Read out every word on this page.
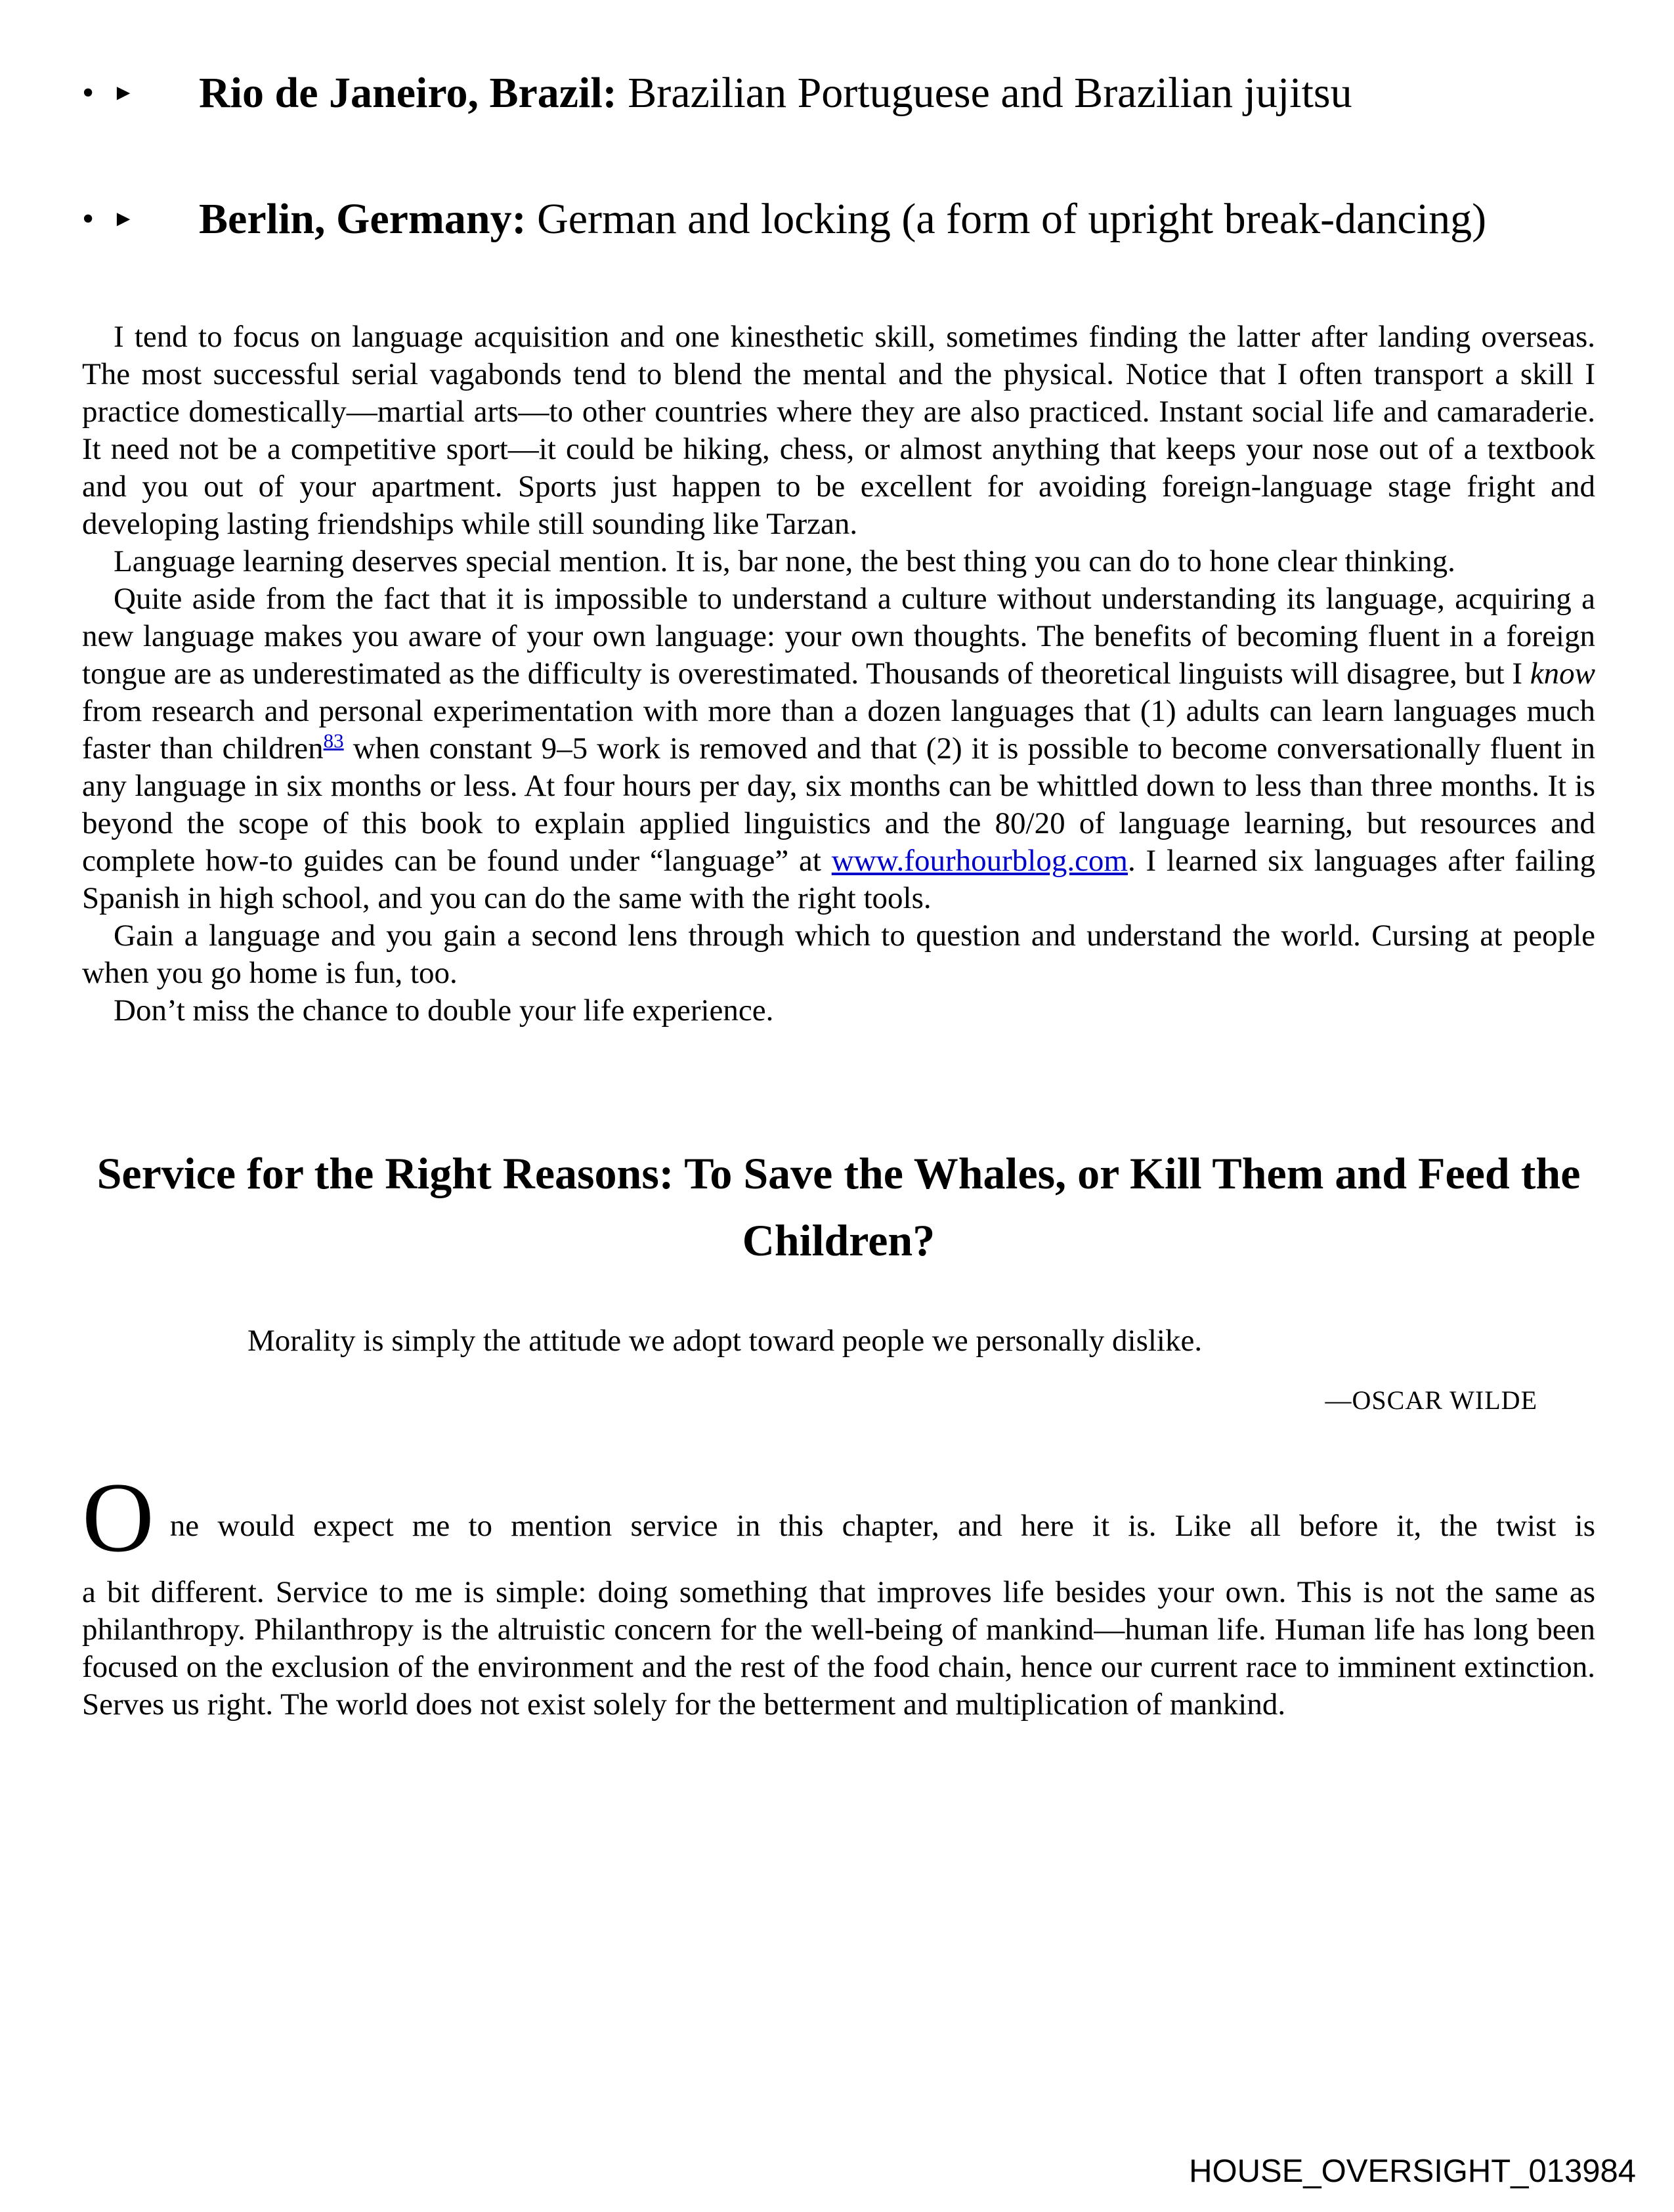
• ► Rio de Janeiro, Brazil: Brazilian Portuguese and Brazilian jujitsu
• ► Berlin, Germany: German and locking (a form of upright break-dancing)

I tend to focus on language acquisition and one kinesthetic skill, sometimes finding the latter after landing overseas. The most successful serial vagabonds tend to blend the mental and the physical. Notice that I often transport a skill I practice domestically—martial arts—to other countries where they are also practiced. Instant social life and camaraderie. It need not be a competitive sport—it could be hiking, chess, or almost anything that keeps your nose out of a textbook and you out of your apartment. Sports just happen to be excellent for avoiding foreign-language stage fright and developing lasting friendships while still sounding like Tarzan.

Language learning deserves special mention. It is, bar none, the best thing you can do to hone clear thinking.

Quite aside from the fact that it is impossible to understand a culture without understanding its language, acquiring a new language makes you aware of your own language: your own thoughts. The benefits of becoming fluent in a foreign tongue are as underestimated as the difficulty is overestimated. Thousands of theoretical linguists will disagree, but I know from research and personal experimentation with more than a dozen languages that (1) adults can learn languages much faster than children$^{83}$ when constant 9–5 work is removed and that (2) it is possible to become conversationally fluent in any language in six months or less. At four hours per day, six months can be whittled down to less than three months. It is beyond the scope of this book to explain applied linguistics and the 80/20 of language learning, but resources and complete how-to guides can be found under “language” at www.fourhourblog.com. I learned six languages after failing Spanish in high school, and you can do the same with the right tools.

Gain a language and you gain a second lens through which to question and understand the world. Cursing at people when you go home is fun, too.

Don’t miss the chance to double your life experience.

Service for the Right Reasons: To Save the Whales, or Kill Them and Feed the Children?

Morality is simply the attitude we adopt toward people we personally dislike.

—OSCAR WILDE

O ne would expect me to mention service in this chapter, and here it is. Like all before it, the twist is

a bit different. Service to me is simple: doing something that improves life besides your own. This is not the same as philanthropy. Philanthropy is the altruistic concern for the well-being of mankind—human life. Human life has long been focused on the exclusion of the environment and the rest of the food chain, hence our current race to imminent extinction. Serves us right. The world does not exist solely for the betterment and multiplication of mankind.

HOUSE_OVERSIGHT_013984
